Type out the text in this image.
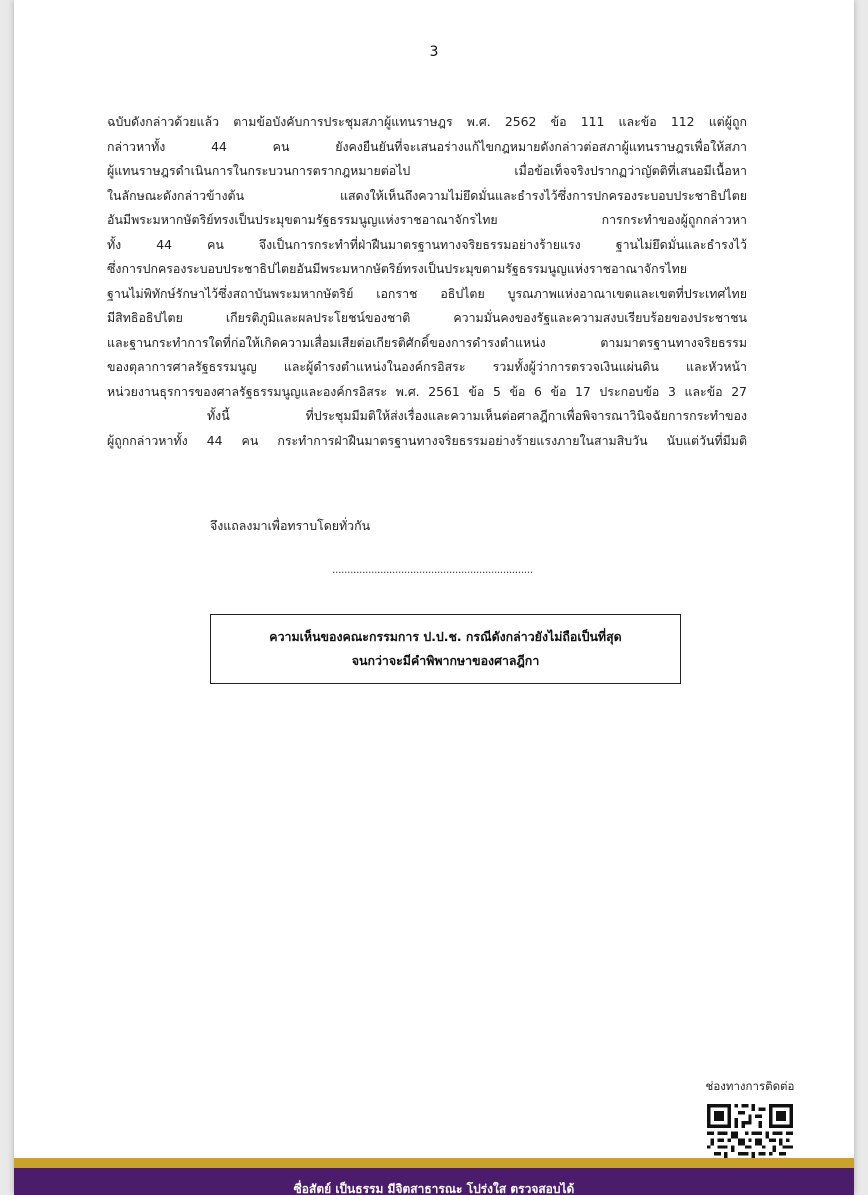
3
ฉบับดังกล่าวด้วยแล้ว ตามข้อบังคับการประชุมสภาผู้แทนราษฎร พ.ศ. 2562 ข้อ 111 และข้อ 112 แต่ผู้ถูก
กล่าวหาทั้ง 44 คน ยังคงยืนยันที่จะเสนอร่างแก้ไขกฎหมายดังกล่าวต่อสภาผู้แทนราษฎรเพื่อให้สภา
ผู้แทนราษฎรดำเนินการในกระบวนการตรากฎหมายต่อไป เมื่อข้อเท็จจริงปรากฏว่าญัตติที่เสนอมีเนื้อหา
ในลักษณะดังกล่าวข้างต้น แสดงให้เห็นถึงความไม่ยึดมั่นและธำรงไว้ซึ่งการปกครองระบอบประชาธิปไตย
อันมีพระมหากษัตริย์ทรงเป็นประมุขตามรัฐธรรมนูญแห่งราชอาณาจักรไทย การกระทำของผู้ถูกกล่าวหา
ทั้ง 44 คน จึงเป็นการกระทำที่ฝ่าฝืนมาตรฐานทางจริยธรรมอย่างร้ายแรง ฐานไม่ยึดมั่นและธำรงไว้
ซึ่งการปกครองระบอบประชาธิปไตยอันมีพระมหากษัตริย์ทรงเป็นประมุขตามรัฐธรรมนูญแห่งราชอาณาจักรไทย
ฐานไม่พิทักษ์รักษาไว้ซึ่งสถาบันพระมหากษัตริย์ เอกราช อธิปไตย บูรณภาพแห่งอาณาเขตและเขตที่ประเทศไทย
มีสิทธิอธิปไตย เกียรติภูมิและผลประโยชน์ของชาติ ความมั่นคงของรัฐและความสงบเรียบร้อยของประชาชน
และฐานกระทำการใดที่ก่อให้เกิดความเสื่อมเสียต่อเกียรติศักดิ์ของการดำรงตำแหน่ง ตามมาตรฐานทางจริยธรรม
ของตุลาการศาลรัฐธรรมนูญ และผู้ดำรงตำแหน่งในองค์กรอิสระ รวมทั้งผู้ว่าการตรวจเงินแผ่นดิน และหัวหน้า
หน่วยงานธุรการของศาลรัฐธรรมนูญและองค์กรอิสระ พ.ศ. 2561 ข้อ 5 ข้อ 6 ข้อ 17 ประกอบข้อ 3 และข้อ 27
ทั้งนี้ ที่ประชุมมีมติให้ส่งเรื่องและความเห็นต่อศาลฎีกาเพื่อพิจารณาวินิจฉัยการกระทำของ
ผู้ถูกกล่าวหาทั้ง 44 คน กระทำการฝ่าฝืนมาตรฐานทางจริยธรรมอย่างร้ายแรงภายในสามสิบวัน นับแต่วันที่มีมติ
จึงแถลงมาเพื่อทราบโดยทั่วกัน
...................................................................
ความเห็นของคณะกรรมการ ป.ป.ช. กรณีดังกล่าวยังไม่ถือเป็นที่สุด
จนกว่าจะมีคำพิพากษาของศาลฎีกา
ช่องทางการติดต่อ
ซื่อสัตย์ เป็นธรรม มีจิตสาธารณะ โปร่งใส ตรวจสอบได้
